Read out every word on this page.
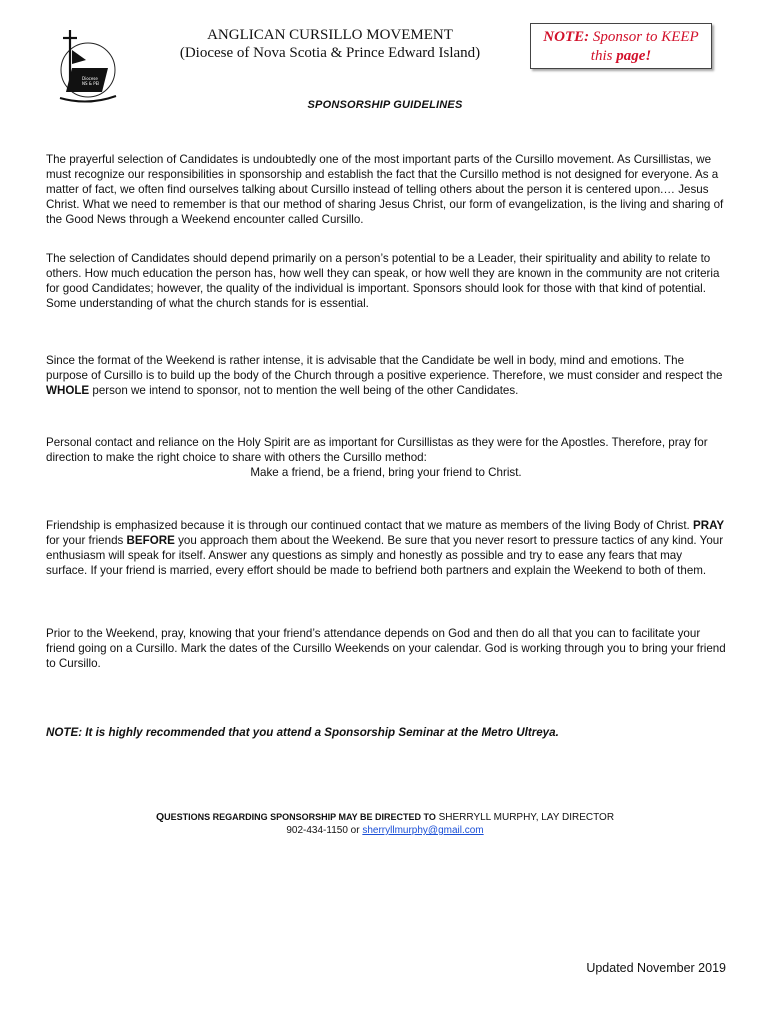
Diocese
NS & PEI
ANGLICAN CURSILLO MOVEMENT
(Diocese of Nova Scotia & Prince Edward Island)
NOTE: Sponsor to KEEP
this page!
SPONSORSHIP GUIDELINES
The prayerful selection of Candidates is undoubtedly one of the most important parts of the Cursillo movement. As Cursillistas, we must recognize our responsibilities in sponsorship and establish the fact that the Cursillo method is not designed for everyone. As a matter of fact, we often find ourselves talking about Cursillo instead of telling others about the person it is centered upon.… Jesus Christ. What we need to remember is that our method of sharing Jesus Christ, our form of evangelization, is the living and sharing of the Good News through a Weekend encounter called Cursillo.
The selection of Candidates should depend primarily on a person’s potential to be a Leader, their spirituality and ability to relate to others. How much education the person has, how well they can speak, or how well they are known in the community are not criteria for good Candidates; however, the quality of the individual is important. Sponsors should look for those with that kind of potential. Some understanding of what the church stands for is essential.
Since the format of the Weekend is rather intense, it is advisable that the Candidate be well in body, mind and emotions. The purpose of Cursillo is to build up the body of the Church through a positive experience. Therefore, we must consider and respect the WHOLE person we intend to sponsor, not to mention the well being of the other Candidates.
Personal contact and reliance on the Holy Spirit are as important for Cursillistas as they were for the Apostles. Therefore, pray for direction to make the right choice to share with others the Cursillo method:
Make a friend, be a friend, bring your friend to Christ.
Friendship is emphasized because it is through our continued contact that we mature as members of the living Body of Christ. PRAY for your friends BEFORE you approach them about the Weekend. Be sure that you never resort to pressure tactics of any kind. Your enthusiasm will speak for itself. Answer any questions as simply and honestly as possible and try to ease any fears that may surface. If your friend is married, every effort should be made to befriend both partners and explain the Weekend to both of them.
Prior to the Weekend, pray, knowing that your friend’s attendance depends on God and then do all that you can to facilitate your friend going on a Cursillo. Mark the dates of the Cursillo Weekends on your calendar. God is working through you to bring your friend to Cursillo.
NOTE: It is highly recommended that you attend a Sponsorship Seminar at the Metro Ultreya.
QUESTIONS REGARDING SPONSORSHIP MAY BE DIRECTED TO SHERRYLL MURPHY, LAY DIRECTOR
902-434-1150 or sherryllmurphy@gmail.com
Updated November 2019
